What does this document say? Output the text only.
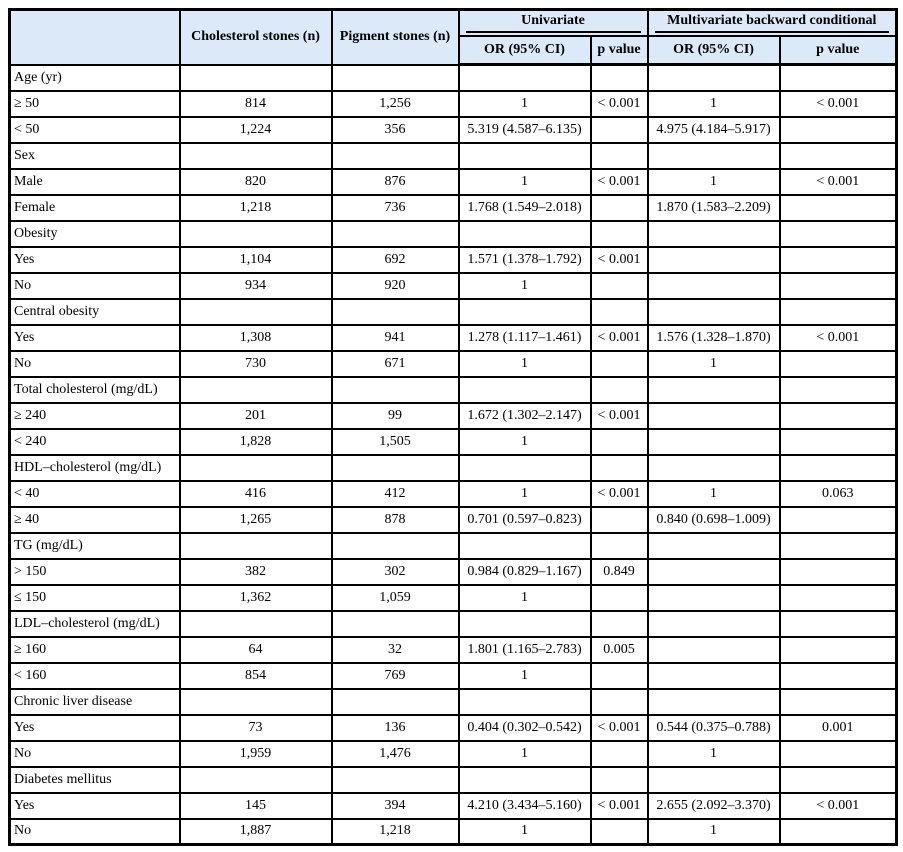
	Cholesterol stones (n)	Pigment stones (n)	Univariate		Multivariate backward conditional	

			OR (95% CI)	p value	OR (95% CI)	p value
Age (yr)						
≥ 50	814	1,256	1	< 0.001	1	< 0.001
< 50	1,224	356	5.319 (4.587–6.135)		4.975 (4.184–5.917)	
Sex						
Male	820	876	1	< 0.001	1	< 0.001
Female	1,218	736	1.768 (1.549–2.018)		1.870 (1.583–2.209)	
Obesity						
Yes	1,104	692	1.571 (1.378–1.792)	< 0.001		
No	934	920	1			
Central obesity						
Yes	1,308	941	1.278 (1.117–1.461)	< 0.001	1.576 (1.328–1.870)	< 0.001
No	730	671	1		1	
Total cholesterol (mg/dL)						
≥ 240	201	99	1.672 (1.302–2.147)	< 0.001		
< 240	1,828	1,505	1			
HDL–cholesterol (mg/dL)						
< 40	416	412	1	< 0.001	1	0.063
≥ 40	1,265	878	0.701 (0.597–0.823)		0.840 (0.698–1.009)	
TG (mg/dL)						
> 150	382	302	0.984 (0.829–1.167)	0.849		
≤ 150	1,362	1,059	1			
LDL–cholesterol (mg/dL)						
≥ 160	64	32	1.801 (1.165–2.783)	0.005		
< 160	854	769	1			
Chronic liver disease						
Yes	73	136	0.404 (0.302–0.542)	< 0.001	0.544 (0.375–0.788)	0.001
No	1,959	1,476	1		1	
Diabetes mellitus						
Yes	145	394	4.210 (3.434–5.160)	< 0.001	2.655 (2.092–3.370)	< 0.001
No	1,887	1,218	1		1	
